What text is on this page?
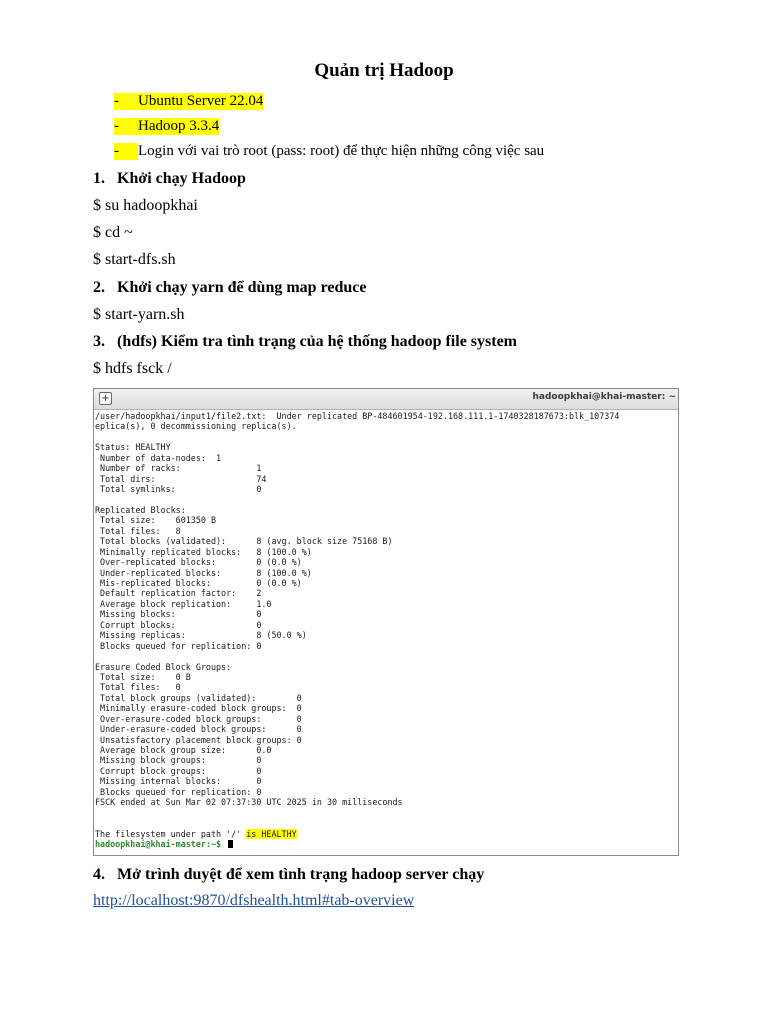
Quản trị Hadoop
-	Ubuntu Server 22.04
-	Hadoop 3.3.4
-	Login với vai trò root (pass: root) để thực hiện những công việc sau
1. Khởi chạy Hadoop
$ su hadoopkhai
$ cd ~
$ start-dfs.sh
2. Khởi chạy yarn để dùng map reduce
$ start-yarn.sh
3. (hdfs) Kiểm tra tình trạng của hệ thống hadoop file system
$ hdfs fsck /
+	hadoopkhai@khai-master: ~
/user/hadoopkhai/input1/file2.txt:  Under replicated BP-484601954-192.168.111.1-1740328187673:blk_107374
eplica(s), 0 decommissioning replica(s).
Status: HEALTHY
Number of data-nodes:  1
Number of racks:               1
Total dirs:                    74
Total symlinks:                0
Replicated Blocks:
Total size:    601350 B
Total files:   8
Total blocks (validated):      8 (avg. block size 75168 B)
Minimally replicated blocks:   8 (100.0 %)
Over-replicated blocks:        0 (0.0 %)
Under-replicated blocks:       8 (100.0 %)
Mis-replicated blocks:         0 (0.0 %)
Default replication factor:    2
Average block replication:     1.0
Missing blocks:                0
Corrupt blocks:                0
Missing replicas:              8 (50.0 %)
Blocks queued for replication: 0
Erasure Coded Block Groups:
Total size:    0 B
Total files:   0
Total block groups (validated):        0
Minimally erasure-coded block groups:  0
Over-erasure-coded block groups:       0
Under-erasure-coded block groups:      0
Unsatisfactory placement block groups: 0
Average block group size:      0.0
Missing block groups:          0
Corrupt block groups:          0
Missing internal blocks:       0
Blocks queued for replication: 0
FSCK ended at Sun Mar 02 07:37:30 UTC 2025 in 30 milliseconds
The filesystem under path '/' is HEALTHY
hadoopkhai@khai-master:~$
4. Mở trình duyệt để xem tình trạng hadoop server chạy
http://localhost:9870/dfshealth.html#tab-overview
